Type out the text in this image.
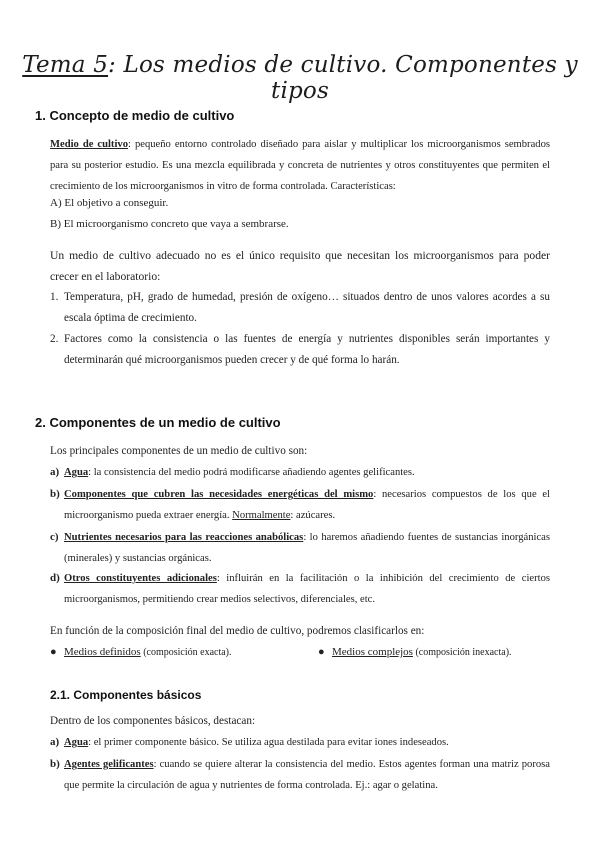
Tema 5: Los medios de cultivo. Componentes y tipos
1. Concepto de medio de cultivo
Medio de cultivo: pequeño entorno controlado diseñado para aislar y multiplicar los microorganismos sembrados para su posterior estudio. Es una mezcla equilibrada y concreta de nutrientes y otros constituyentes que permiten el crecimiento de los microorganismos in vitro de forma controlada. Características:
A) El objetivo a conseguir.
B) El microorganismo concreto que vaya a sembrarse.
Un medio de cultivo adecuado no es el único requisito que necesitan los microorganismos para poder crecer en el laboratorio:
1. Temperatura, pH, grado de humedad, presión de oxígeno… situados dentro de unos valores acordes a su escala óptima de crecimiento.
2. Factores como la consistencia o las fuentes de energía y nutrientes disponibles serán importantes y determinarán qué microorganismos pueden crecer y de qué forma lo harán.
2. Componentes de un medio de cultivo
Los principales componentes de un medio de cultivo son:
a) Agua: la consistencia del medio podrá modificarse añadiendo agentes gelificantes.
b) Componentes que cubren las necesidades energéticas del mismo: necesarios compuestos de los que el microorganismo pueda extraer energía. Normalmente: azúcares.
c) Nutrientes necesarios para las reacciones anabólicas: lo haremos añadiendo fuentes de sustancias inorgánicas (minerales) y sustancias orgánicas.
d) Otros constituyentes adicionales: influirán en la facilitación o la inhibición del crecimiento de ciertos microorganismos, permitiendo crear medios selectivos, diferenciales, etc.
En función de la composición final del medio de cultivo, podremos clasificarlos en:
● Medios definidos (composición exacta).	● Medios complejos (composición inexacta).
2.1. Componentes básicos
Dentro de los componentes básicos, destacan:
a) Agua: el primer componente básico. Se utiliza agua destilada para evitar iones indeseados.
b) Agentes gelificantes: cuando se quiere alterar la consistencia del medio. Estos agentes forman una matriz porosa que permite la circulación de agua y nutrientes de forma controlada. Ej.: agar o gelatina.
